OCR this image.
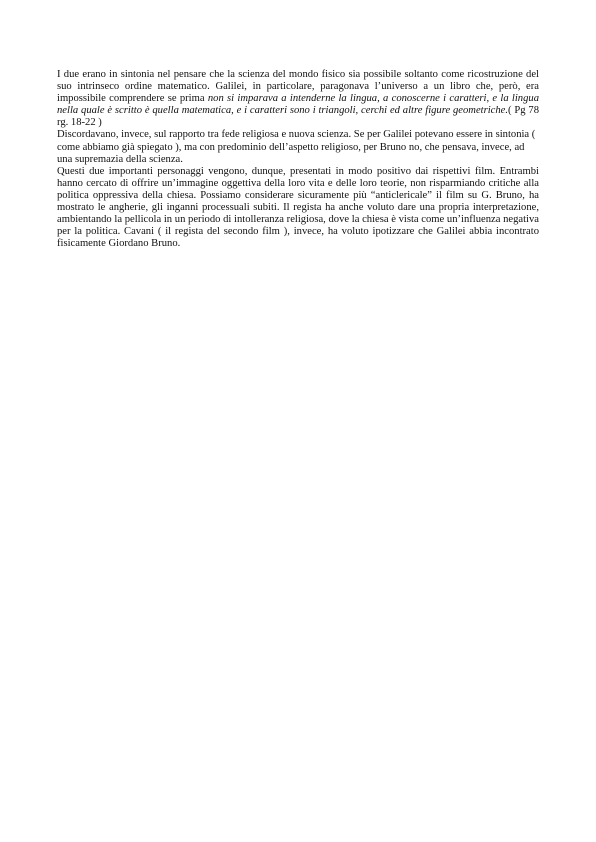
I due erano in sintonia nel pensare che la scienza del mondo fisico sia possibile soltanto come ricostruzione del suo intrinseco ordine matematico. Galilei, in particolare, paragonava l’universo a un libro che, però, era impossibile comprendere se prima non si imparava a intenderne la lingua, a conoscerne i caratteri, e la lingua nella quale è scritto è quella matematica, e i caratteri sono i triangoli, cerchi ed altre figure geometriche.( Pg 78 rg. 18-22 )

Discordavano, invece, sul rapporto tra fede religiosa e nuova scienza. Se per Galilei potevano essere in sintonia ( come abbiamo già spiegato ), ma con predominio dell’aspetto religioso, per Bruno no, che pensava, invece, ad una supremazia della scienza.

Questi due importanti personaggi vengono, dunque, presentati in modo positivo dai rispettivi film. Entrambi hanno cercato di offrire un’immagine oggettiva della loro vita e delle loro teorie, non risparmiando critiche alla politica oppressiva della chiesa. Possiamo considerare sicuramente più “anticlericale” il film su G. Bruno, ha mostrato le angherie, gli inganni processuali subiti. Il regista ha anche voluto dare una propria interpretazione, ambientando la pellicola in un periodo di intolleranza religiosa, dove la chiesa è vista come un’influenza negativa per la politica. Cavani ( il regista del secondo film ), invece, ha voluto ipotizzare che Galilei abbia incontrato fisicamente Giordano Bruno.
